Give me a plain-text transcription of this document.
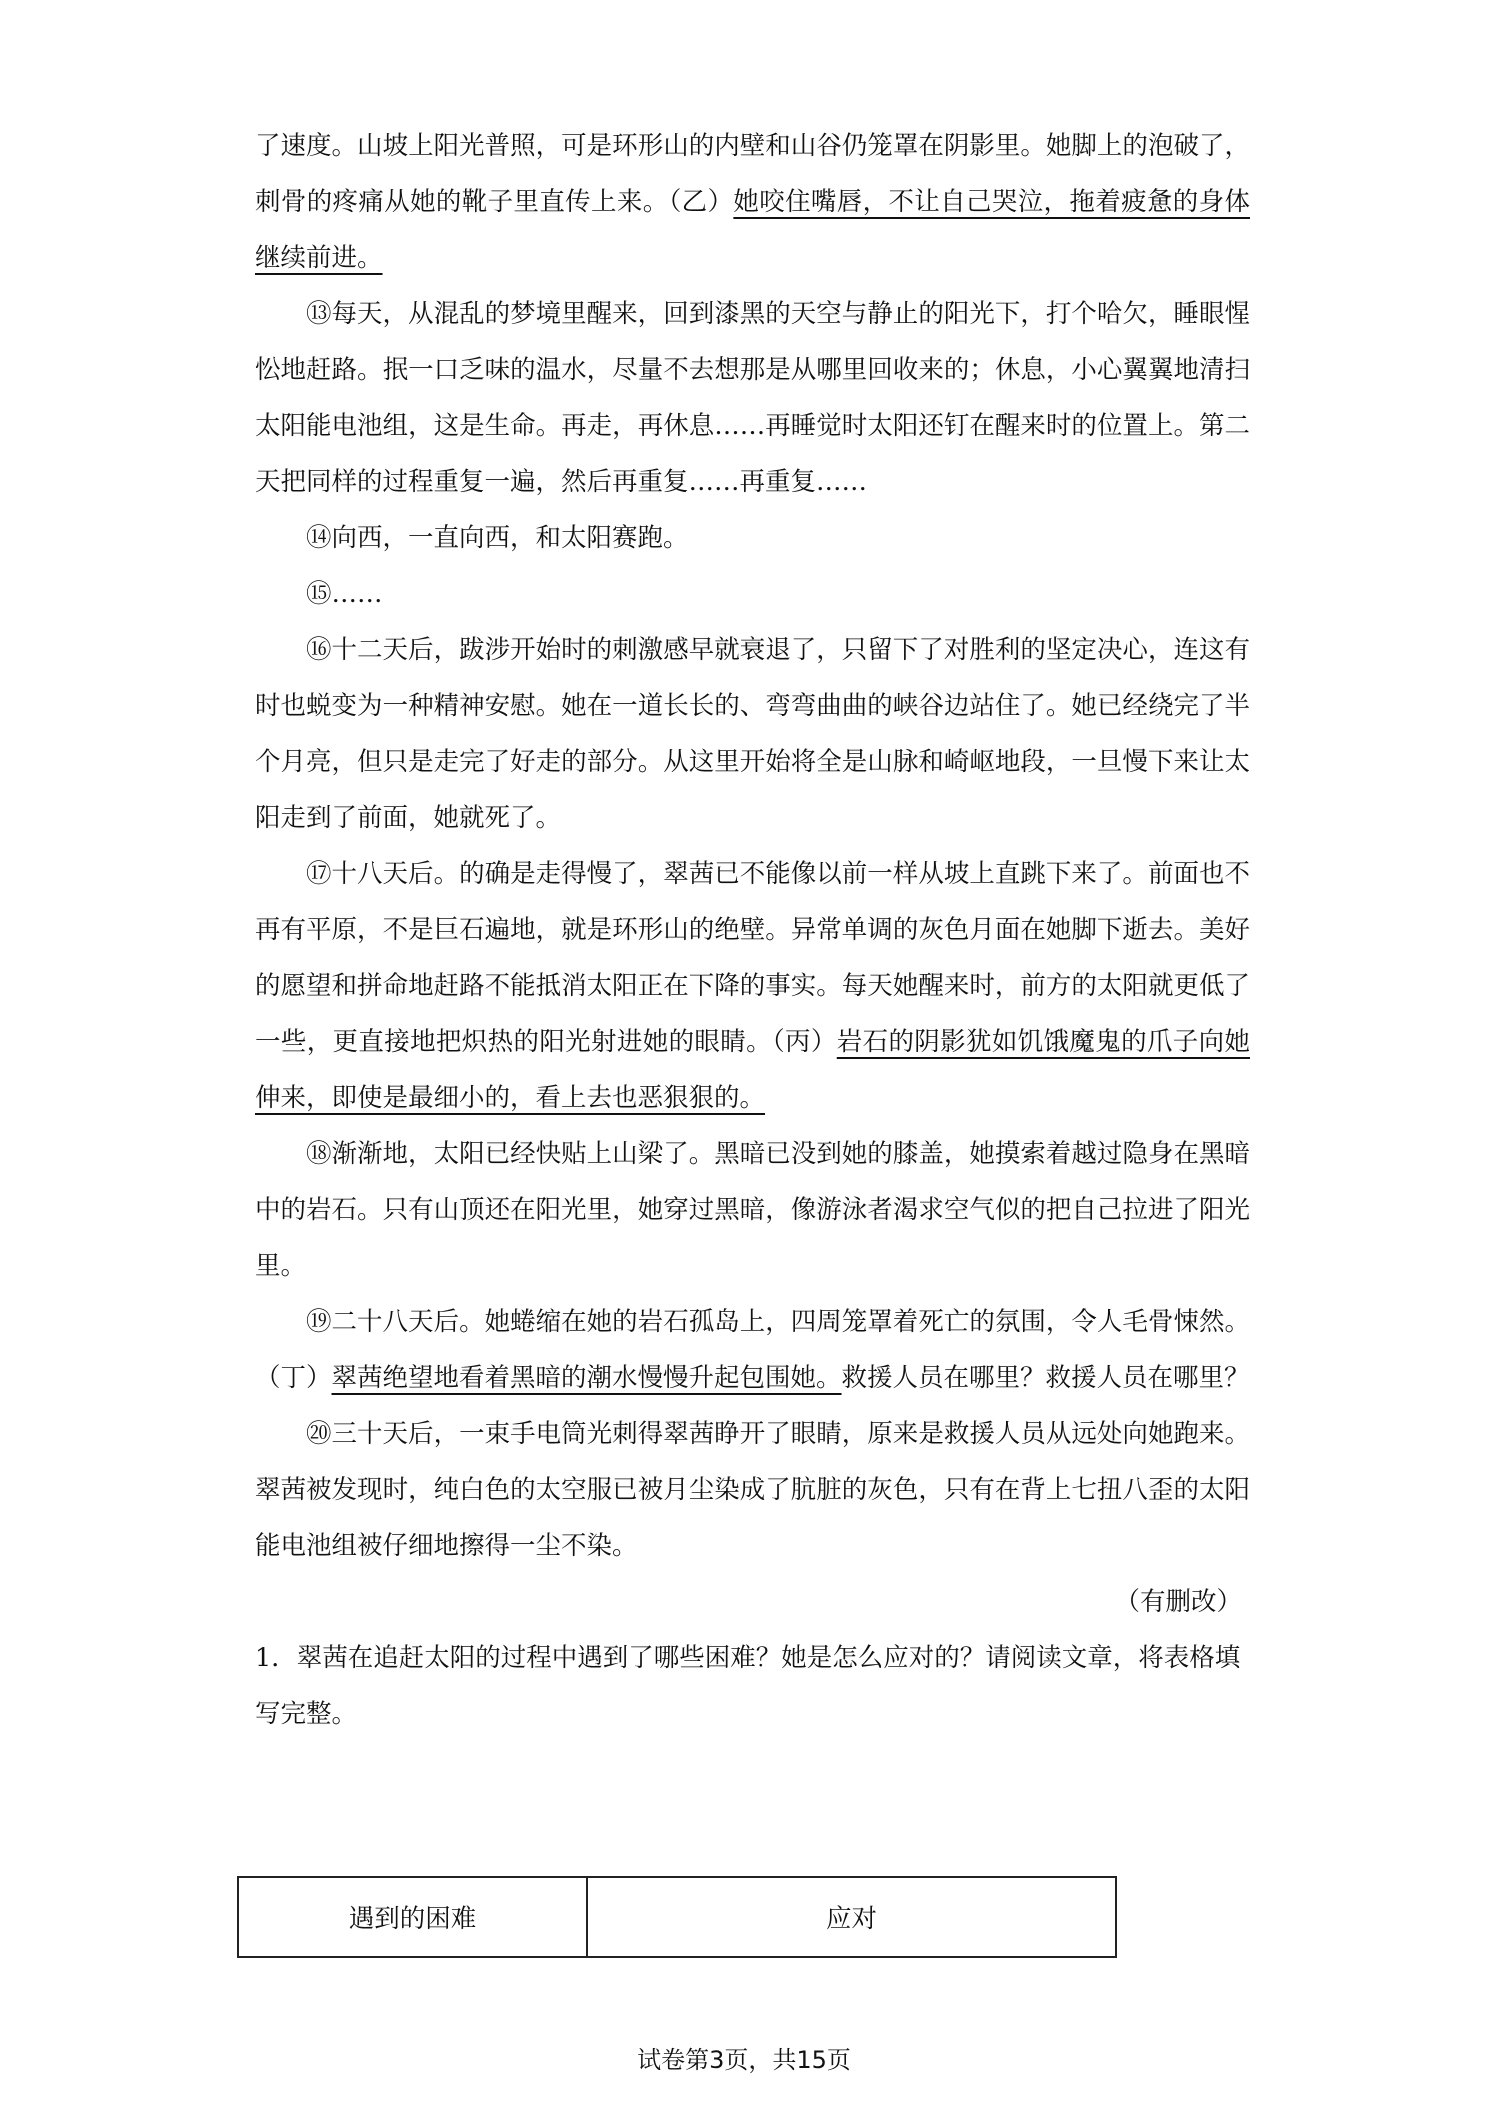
了速度。山坡上阳光普照，可是环形山的内壁和山谷仍笼罩在阴影里。她脚上的泡破了，刺骨的疼痛从她的靴子里直传上来。（乙）她咬住嘴唇，不让自己哭泣，拖着疲惫的身体继续前进。

⑬每天，从混乱的梦境里醒来，回到漆黑的天空与静止的阳光下，打个哈欠，睡眼惺忪地赶路。抿一口乏味的温水，尽量不去想那是从哪里回收来的；休息，小心翼翼地清扫太阳能电池组，这是生命。再走，再休息……再睡觉时太阳还钉在醒来时的位置上。第二天把同样的过程重复一遍，然后再重复……再重复……

⑭向西，一直向西，和太阳赛跑。

⑮……

⑯十二天后，跋涉开始时的刺激感早就衰退了，只留下了对胜利的坚定决心，连这有时也蜕变为一种精神安慰。她在一道长长的、弯弯曲曲的峡谷边站住了。她已经绕完了半个月亮，但只是走完了好走的部分。从这里开始将全是山脉和崎岖地段，一旦慢下来让太阳走到了前面，她就死了。

⑰十八天后。的确是走得慢了，翠茜已不能像以前一样从坡上直跳下来了。前面也不再有平原，不是巨石遍地，就是环形山的绝壁。异常单调的灰色月面在她脚下逝去。美好的愿望和拼命地赶路不能抵消太阳正在下降的事实。每天她醒来时，前方的太阳就更低了一些，更直接地把炽热的阳光射进她的眼睛。（丙）岩石的阴影犹如饥饿魔鬼的爪子向她伸来，即使是最细小的，看上去也恶狠狠的。

⑱渐渐地，太阳已经快贴上山梁了。黑暗已没到她的膝盖，她摸索着越过隐身在黑暗中的岩石。只有山顶还在阳光里，她穿过黑暗，像游泳者渴求空气似的把自己拉进了阳光里。

⑲二十八天后。她蜷缩在她的岩石孤岛上，四周笼罩着死亡的氛围，令人毛骨悚然。（丁）翠茜绝望地看着黑暗的潮水慢慢升起包围她。救援人员在哪里？救援人员在哪里？

⑳三十天后，一束手电筒光刺得翠茜睁开了眼睛，原来是救援人员从远处向她跑来。翠茜被发现时，纯白色的太空服已被月尘染成了肮脏的灰色，只有在背上七扭八歪的太阳能电池组被仔细地擦得一尘不染。

（有删改）

1．翠茜在追赶太阳的过程中遇到了哪些困难？她是怎么应对的？请阅读文章，将表格填写完整。

遇到的困难	应对
试卷第3页，共15页
